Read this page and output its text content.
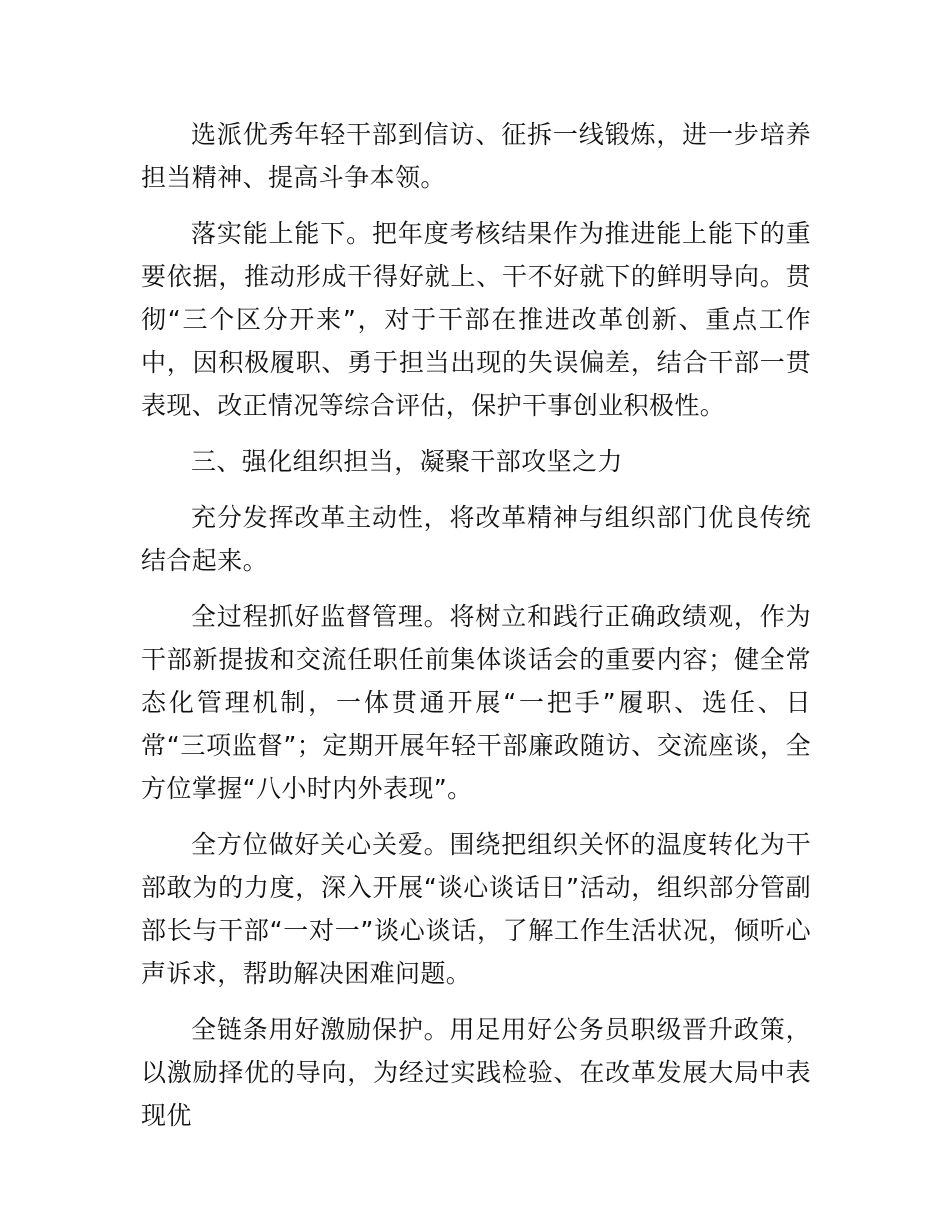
选派优秀年轻干部到信访、征拆一线锻炼，进一步培养担当精神、提高斗争本领。

落实能上能下。把年度考核结果作为推进能上能下的重要依据，推动形成干得好就上、干不好就下的鲜明导向。贯彻“三个区分开来”，对于干部在推进改革创新、重点工作中，因积极履职、勇于担当出现的失误偏差，结合干部一贯表现、改正情况等综合评估，保护干事创业积极性。

三、强化组织担当，凝聚干部攻坚之力

充分发挥改革主动性，将改革精神与组织部门优良传统结合起来。

全过程抓好监督管理。将树立和践行正确政绩观，作为干部新提拔和交流任职任前集体谈话会的重要内容；健全常态化管理机制，一体贯通开展“一把手”履职、选任、日常“三项监督”；定期开展年轻干部廉政随访、交流座谈，全方位掌握“八小时内外表现”。

全方位做好关心关爱。围绕把组织关怀的温度转化为干部敢为的力度，深入开展“谈心谈话日”活动，组织部分管副部长与干部“一对一”谈心谈话，了解工作生活状况，倾听心声诉求，帮助解决困难问题。

全链条用好激励保护。用足用好公务员职级晋升政策，以激励择优的导向，为经过实践检验、在改革发展大局中表现优
